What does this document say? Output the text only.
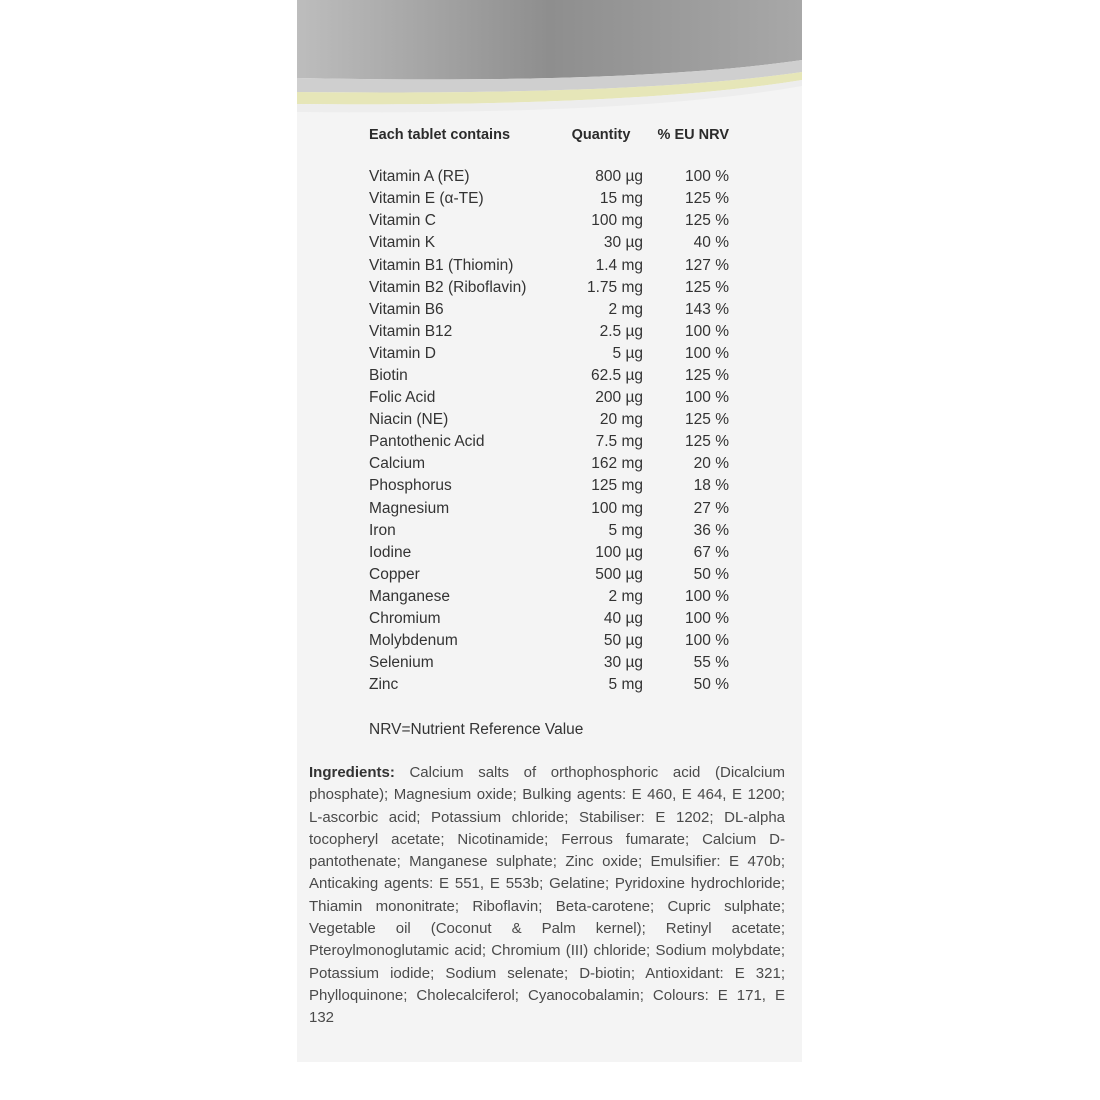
Each tablet contains	Quantity	% EU NRV

Vitamin A (RE)	800 µg	100 %
Vitamin E (α-TE)	15 mg	125 %
Vitamin C	100 mg	125 %
Vitamin K	30 µg	40 %
Vitamin B1 (Thiomin)	1.4 mg	127 %
Vitamin B2 (Riboflavin)	1.75 mg	125 %
Vitamin B6	2 mg	143 %
Vitamin B12	2.5 µg	100 %
Vitamin D	5 µg	100 %
Biotin	62.5 µg	125 %
Folic Acid	200 µg	100 %
Niacin (NE)	20 mg	125 %
Pantothenic Acid	7.5 mg	125 %
Calcium	162 mg	20 %
Phosphorus	125 mg	18 %
Magnesium	100 mg	27 %
Iron	5 mg	36 %
Iodine	100 µg	67 %
Copper	500 µg	50 %
Manganese	2 mg	100 %
Chromium	40 µg	100 %
Molybdenum	50 µg	100 %
Selenium	30 µg	55 %
Zinc	5 mg	50 %
NRV=Nutrient Reference Value
Ingredients: Calcium salts of orthophosphoric acid (Dicalcium phosphate); Magnesium oxide; Bulking agents: E 460, E 464, E 1200; L-ascorbic acid; Potassium chloride; Stabiliser: E 1202; DL-alpha tocopheryl acetate; Nicotinamide; Ferrous fumarate; Calcium D-pantothenate; Manganese sulphate; Zinc oxide; Emulsifier: E 470b; Anticaking agents: E 551, E 553b; Gelatine; Pyridoxine hydrochloride; Thiamin mononitrate; Riboflavin; Beta-carotene; Cupric sulphate; Vegetable oil (Coconut & Palm kernel); Retinyl acetate; Pteroylmonoglutamic acid; Chromium (III) chloride; Sodium molybdate; Potassium iodide; Sodium selenate; D-biotin; Antioxidant: E 321; Phylloquinone; Cholecalciferol; Cyanocobalamin; Colours: E 171, E 132
